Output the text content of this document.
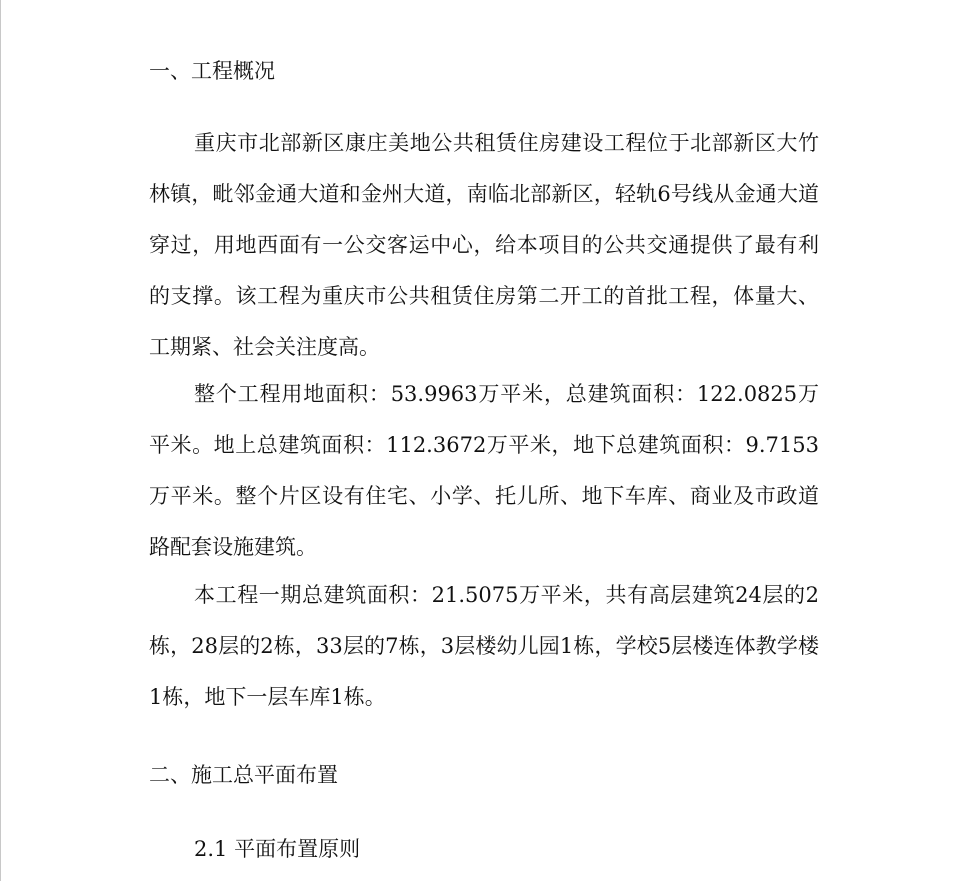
一、工程概况

重庆市北部新区康庄美地公共租赁住房建设工程位于北部新区大竹林镇，毗邻金通大道和金州大道，南临北部新区，轻轨6号线从金通大道穿过，用地西面有一公交客运中心，给本项目的公共交通提供了最有利的支撑。该工程为重庆市公共租赁住房第二开工的首批工程，体量大、工期紧、社会关注度高。

整个工程用地面积：53.9963万平米，总建筑面积：122.0825万平米。地上总建筑面积：112.3672万平米，地下总建筑面积：9.7153万平米。整个片区设有住宅、小学、托儿所、地下车库、商业及市政道路配套设施建筑。

本工程一期总建筑面积：21.5075万平米，共有高层建筑24层的2栋，28层的2栋，33层的7栋，3层楼幼儿园1栋，学校5层楼连体教学楼1栋，地下一层车库1栋。

二、施工总平面布置
2.1 平面布置原则
